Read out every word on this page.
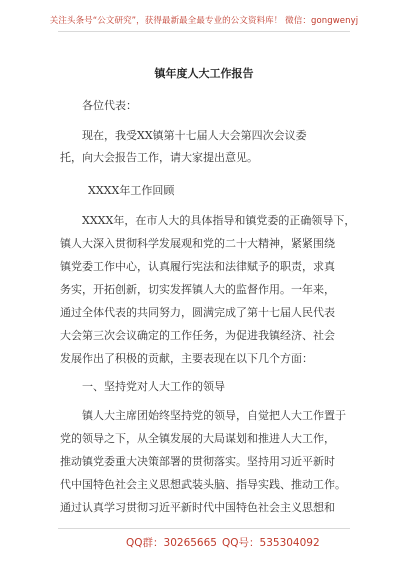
关注头条号“公文研究”，获得最新最全最专业的公文资料库！ 微信：gongwenyj
镇年度人大工作报告
各位代表：
现在，我受XX镇第十七届人大会第四次会议委
托，向大会报告工作，请大家提出意见。
XXXX年工作回顾
XXXX年，在市人大的具体指导和镇党委的正确领导下，
镇人大深入贯彻科学发展观和党的二十大精神，紧紧围绕
镇党委工作中心，认真履行宪法和法律赋予的职责，求真
务实，开拓创新，切实发挥镇人大的监督作用。一年来，
通过全体代表的共同努力，圆满完成了第十七届人民代表
大会第三次会议确定的工作任务，为促进我镇经济、社会
发展作出了积极的贡献，主要表现在以下几个方面：
一、坚持党对人大工作的领导
镇人大主席团始终坚持党的领导，自觉把人大工作置于
党的领导之下，从全镇发展的大局谋划和推进人大工作，
推动镇党委重大决策部署的贯彻落实。坚持用习近平新时
代中国特色社会主义思想武装头脑、指导实践、推动工作。
通过认真学习贯彻习近平新时代中国特色社会主义思想和
QQ群：30265665 QQ号：535304092
